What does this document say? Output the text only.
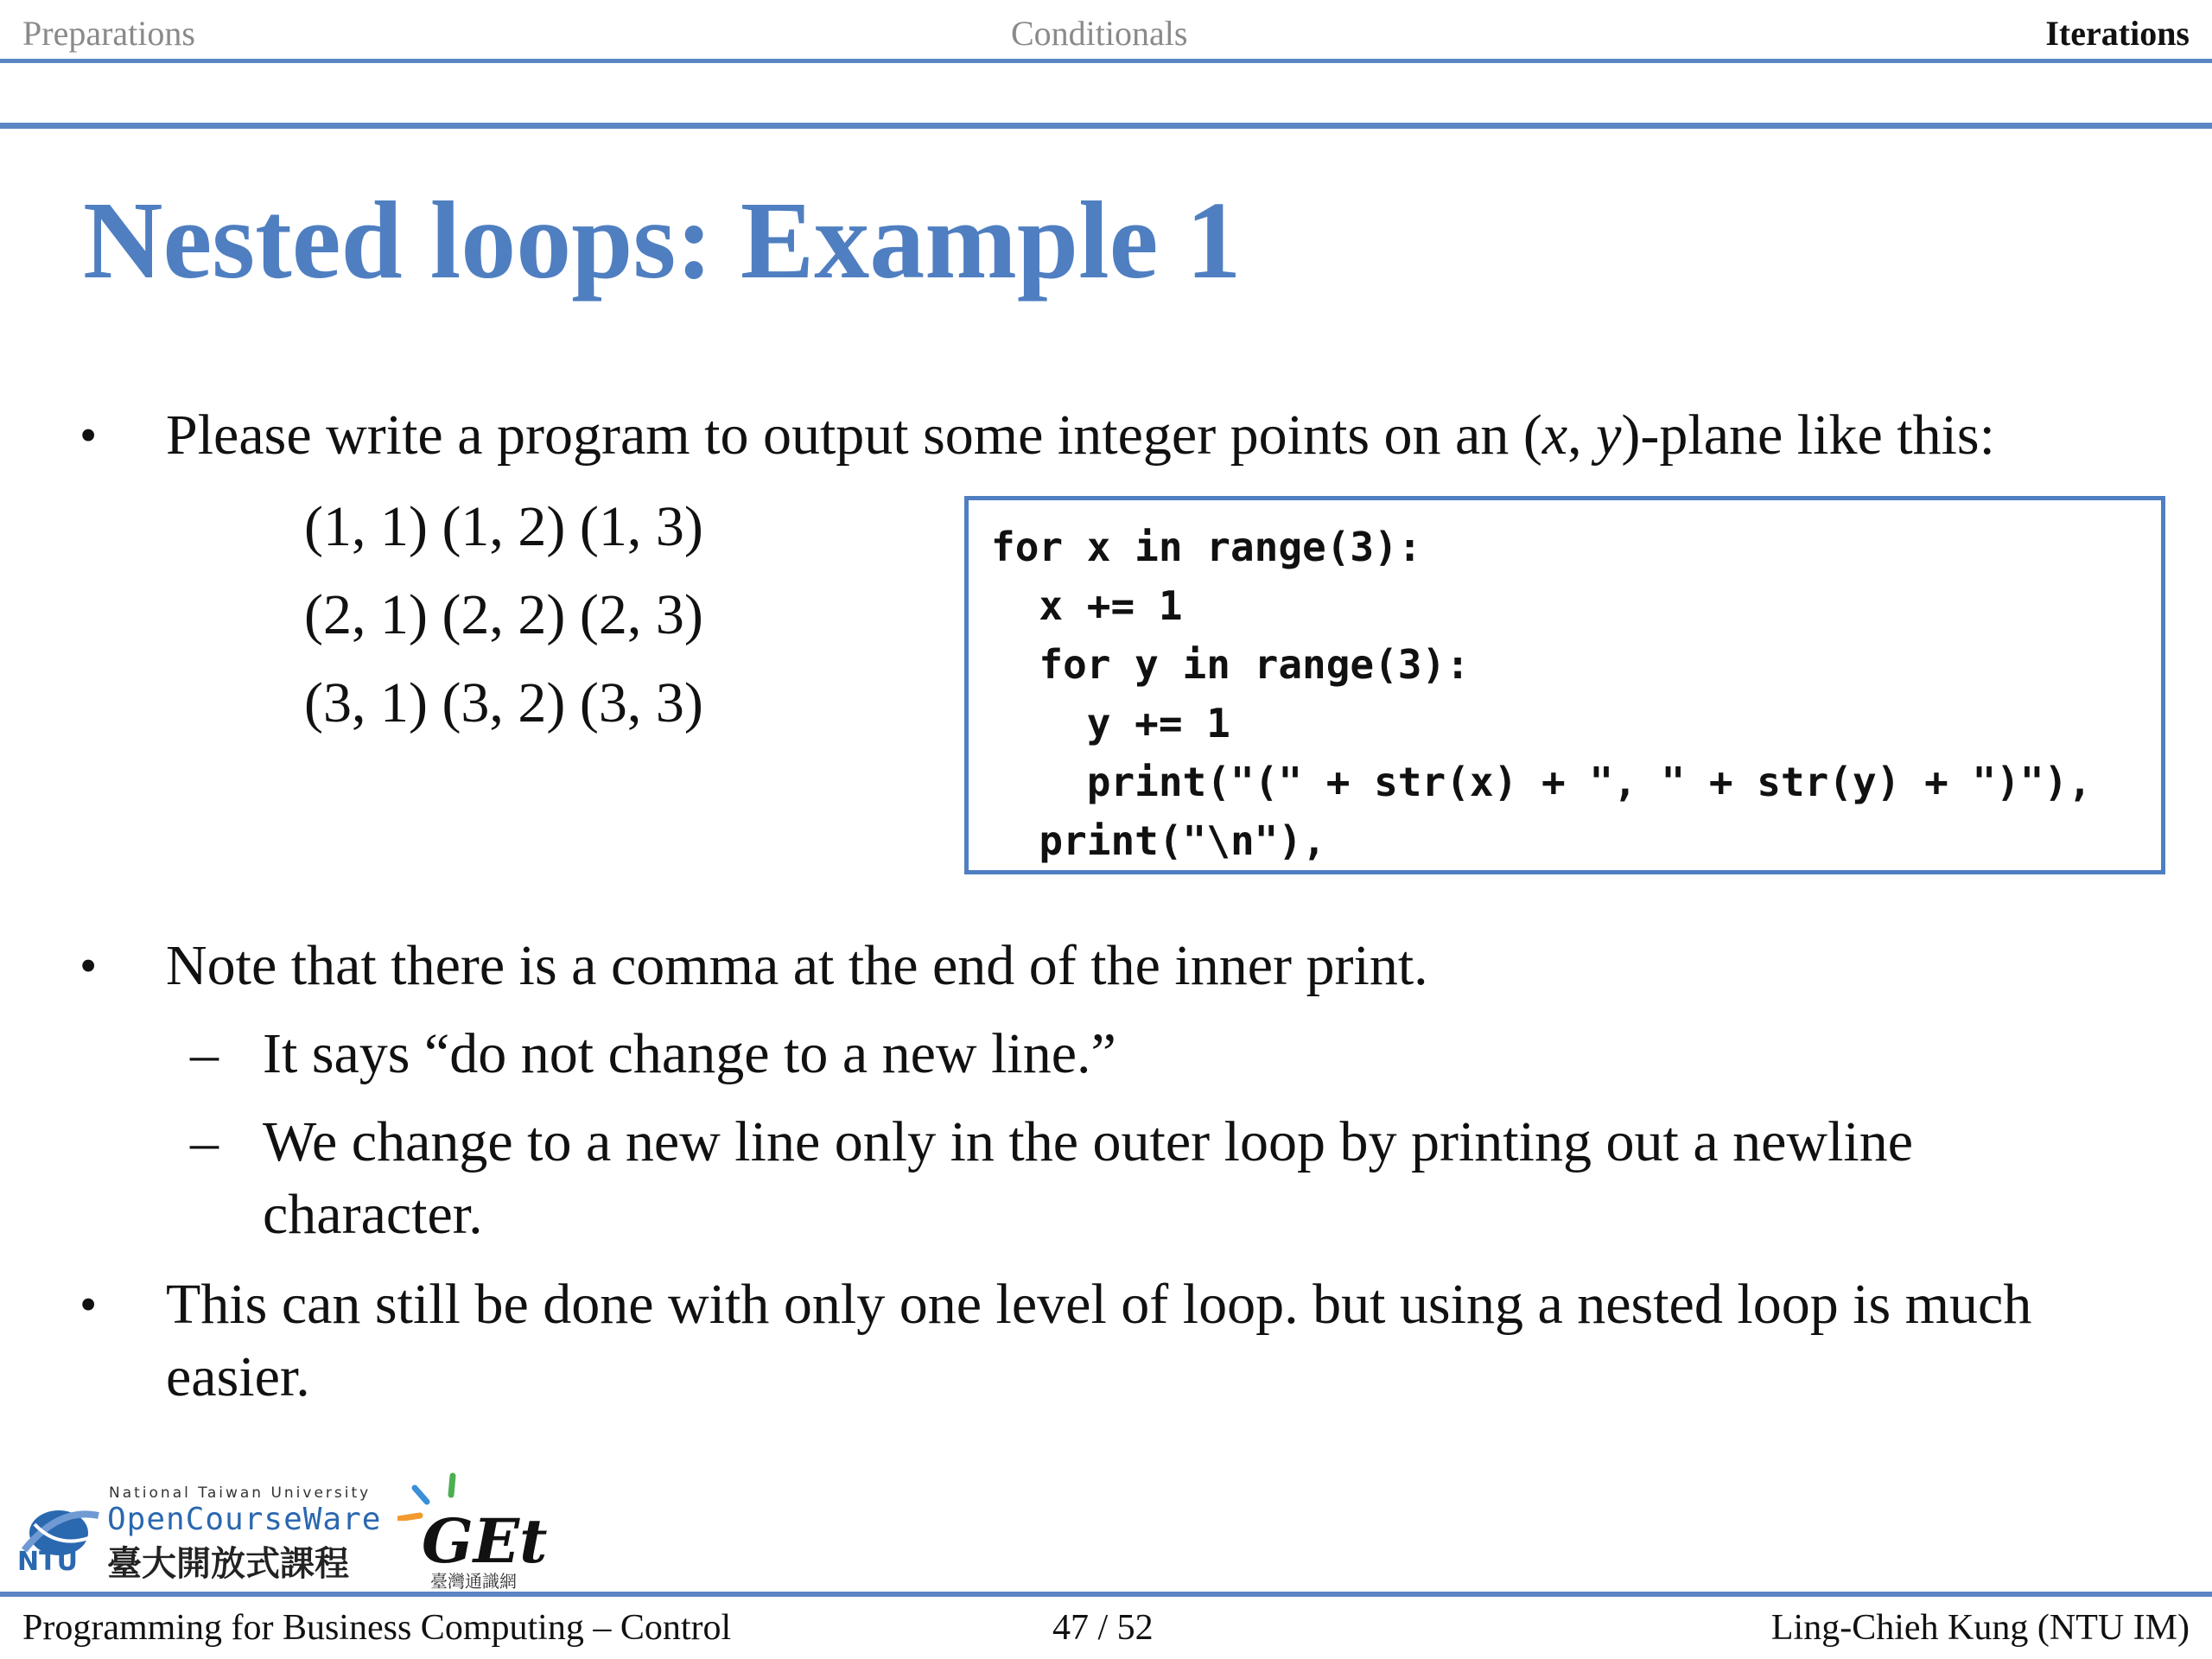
Preparations	Conditionals	Iterations
Nested loops: Example 1
• Please write a program to output some integer points on an (x, y)-plane like this:
(1, 1) (1, 2) (1, 3)
(2, 1) (2, 2) (2, 3)
(3, 1) (3, 2) (3, 3)
for x in range(3):
x += 1
for y in range(3):
y += 1
print("(" + str(x) + ", " + str(y) + ")"),
print("\n"),
• Note that there is a comma at the end of the inner print.
– It says “do not change to a new line.”
– We change to a new line only in the outer loop by printing out a newline character.
• This can still be done with only one level of loop. but using a nested loop is much easier.
NTU
National Taiwan University
OpenCourseWare
臺大開放式課程 GEt
臺灣通識網
Programming for Business Computing – Control	47 / 52	Ling-Chieh Kung (NTU IM)
